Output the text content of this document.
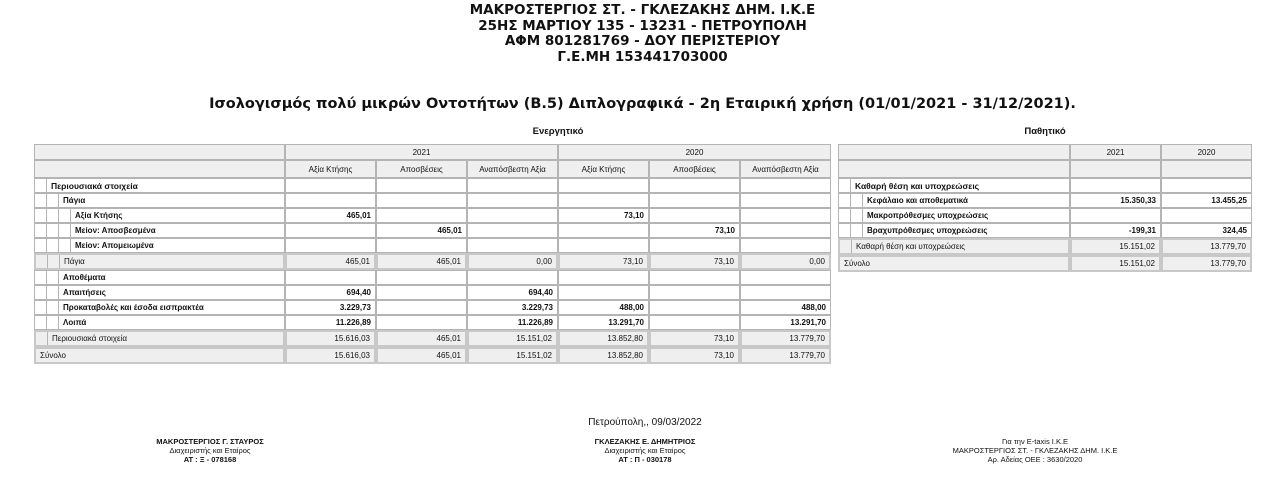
ΜΑΚΡΟΣΤΕΡΓΙΟΣ ΣΤ. - ΓΚΛΕΖΑΚΗΣ ΔΗΜ. Ι.Κ.Ε
25ΗΣ ΜΑΡΤΙΟΥ 135 - 13231 - ΠΕΤΡΟΥΠΟΛΗ
ΑΦΜ 801281769 - ΔΟΥ ΠΕΡΙΣΤΕΡΙΟΥ
Γ.Ε.ΜΗ 153441703000
Ισολογισμός πολύ μικρών Οντοτήτων (Β.5) Διπλογραφικά - 2η Εταιρική χρήση (01/01/2021 - 31/12/2021).
Ενεργητικό	Παθητικό
	2021			2020		
	Αξία Κτήσης	Αποσβέσεις	Αναπόσβεστη Αξία	Αξία Κτήσης	Αποσβέσεις	Αναπόσβεστη Αξία

Περιουσιακά στοιχεία						

Πάγια						

Αξία Κτήσης	465,01			73,10		

Μείον: Αποσβεσμένα		465,01			73,10	

Μείον: Απομειωμένα						

Πάγια	465,01	465,01	0,00	73,10	73,10	0,00

Αποθέματα						

Απαιτήσεις	694,40		694,40			

Προκαταβολές και έσοδα εισπρακτέα	3.229,73		3.229,73	488,00		488,00

Λοιπά	11.226,89		11.226,89	13.291,70		13.291,70

Περιουσιακά στοιχεία	15.616,03	465,01	15.151,02	13.852,80	73,10	13.779,70
Σύνολο	15.616,03	465,01	15.151,02	13.852,80	73,10	13.779,70
	2021	2020

Καθαρή θέση και υποχρεώσεις		

Κεφάλαιο και αποθεματικά	15.350,33	13.455,25

Μακροπρόθεσμες υποχρεώσεις		

Βραχυπρόθεσμες υποχρεώσεις	-199,31	324,45

Καθαρή θέση και υποχρεώσεις	15.151,02	13.779,70
Σύνολο	15.151,02	13.779,70
Πετρούπολη,, 09/03/2022
ΜΑΚΡΟΣΤΕΡΓΙΟΣ Γ. ΣΤΑΥΡΟΣ
Διαχειριστής και Εταίρος
ΑΤ : Ξ - 078168
ΓΚΛΕΖΑΚΗΣ Ε. ΔΗΜΗΤΡΙΟΣ
Διαχειριστής και Εταίρος
ΑΤ : Π - 030178
Για την E-taxis Ι.Κ.Ε
ΜΑΚΡΟΣΤΕΡΓΙΟΣ ΣΤ. - ΓΚΛΕΖΑΚΗΣ ΔΗΜ. Ι.Κ.Ε
Αρ. Αδείας ΟΕΕ : 3630/2020
